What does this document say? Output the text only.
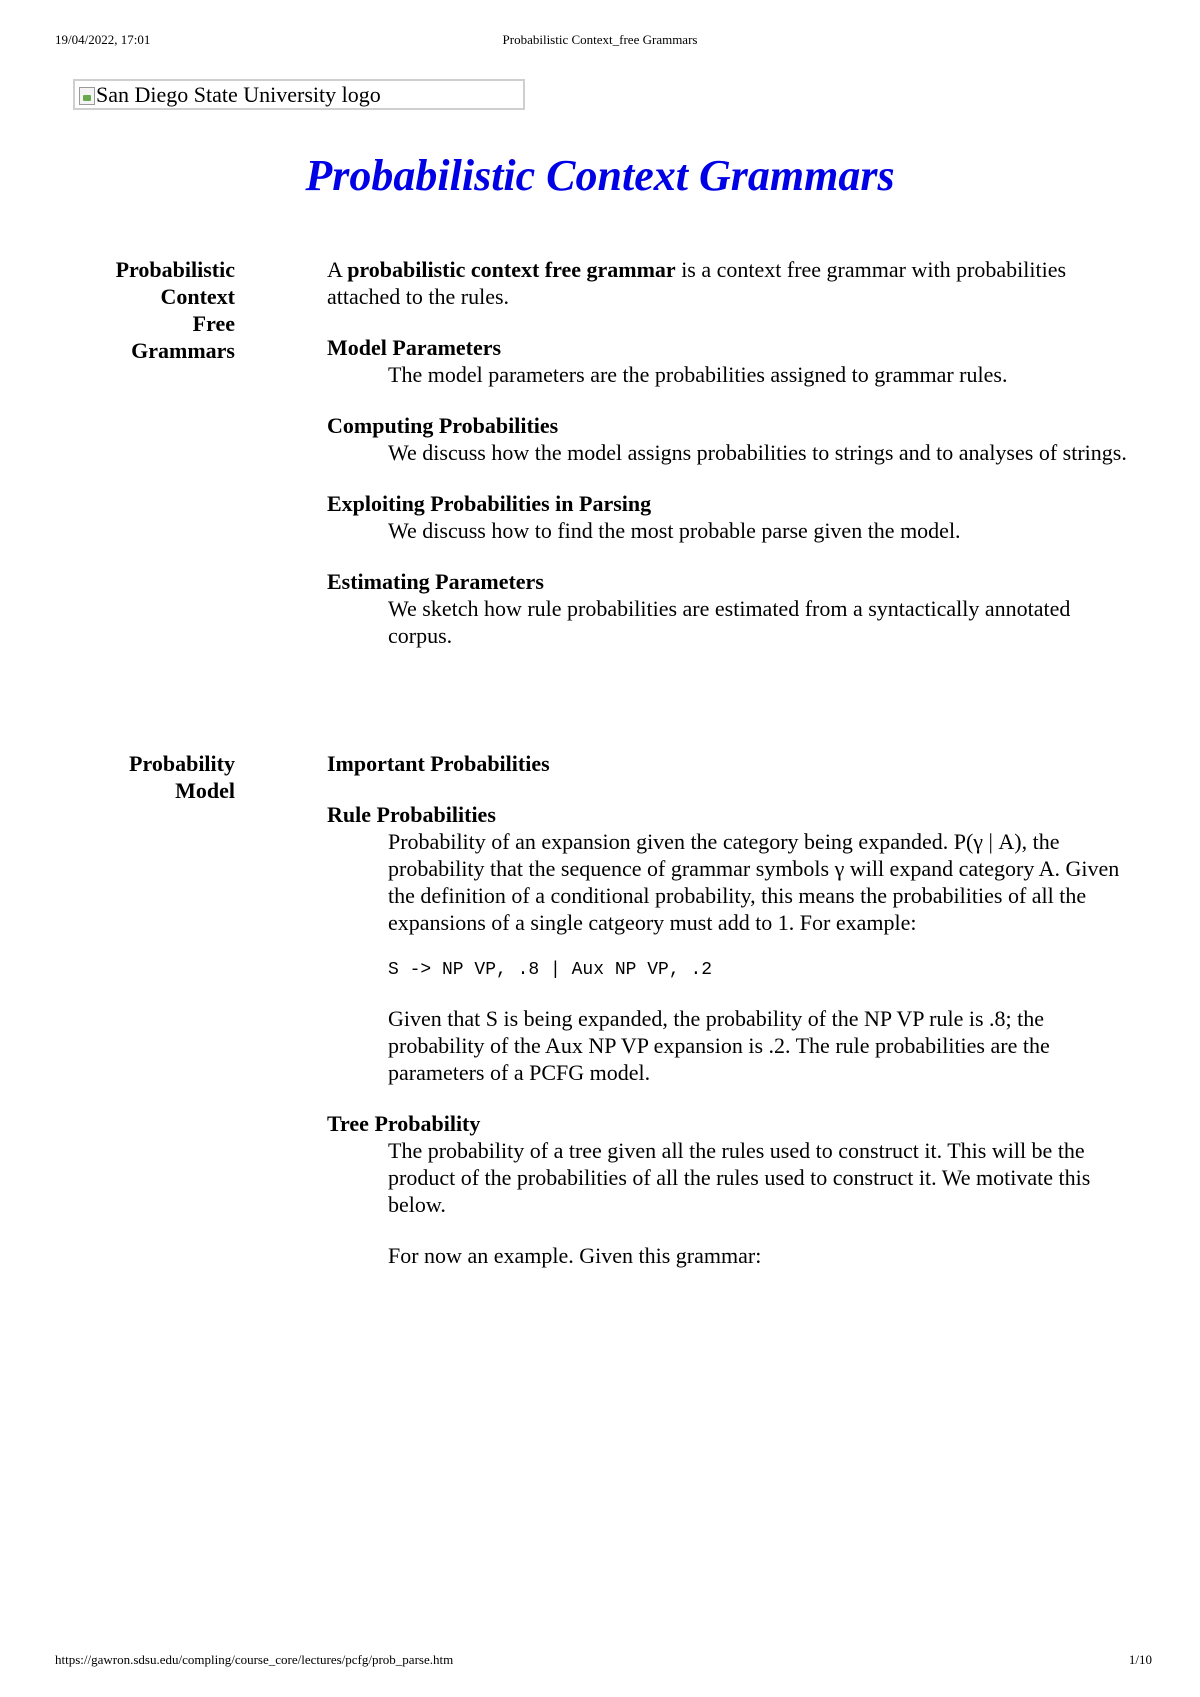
19/04/2022, 17:01	Probabilistic Context_free Grammars
San Diego State University logo
Probabilistic Context Grammars
Probabilistic
Context
Free
Grammars

A probabilistic context free grammar is a context free grammar with probabilities attached to the rules.

Model Parameters
The model parameters are the probabilities assigned to grammar rules.
Computing Probabilities
We discuss how the model assigns probabilities to strings and to analyses of strings.
Exploiting Probabilities in Parsing
We discuss how to find the most probable parse given the model.
Estimating Parameters
We sketch how rule probabilities are estimated from a syntactically annotated corpus.
Probability
Model

Important Probabilities

Rule Probabilities

Probability of an expansion given the category being expanded. P(γ | A), the probability that the sequence of grammar symbols γ will expand category A. Given the definition of a conditional probability, this means the probabilities of all the expansions of a single catgeory must add to 1. For example:

S -> NP VP, .8 | Aux NP VP, .2

Given that S is being expanded, the probability of the NP VP rule is .8; the probability of the Aux NP VP expansion is .2. The rule probabilities are the parameters of a PCFG model.

Tree Probability

The probability of a tree given all the rules used to construct it. This will be the product of the probabilities of all the rules used to construct it. We motivate this below.

For now an example. Given this grammar:

https://gawron.sdsu.edu/compling/course_core/lectures/pcfg/prob_parse.htm	1/10
